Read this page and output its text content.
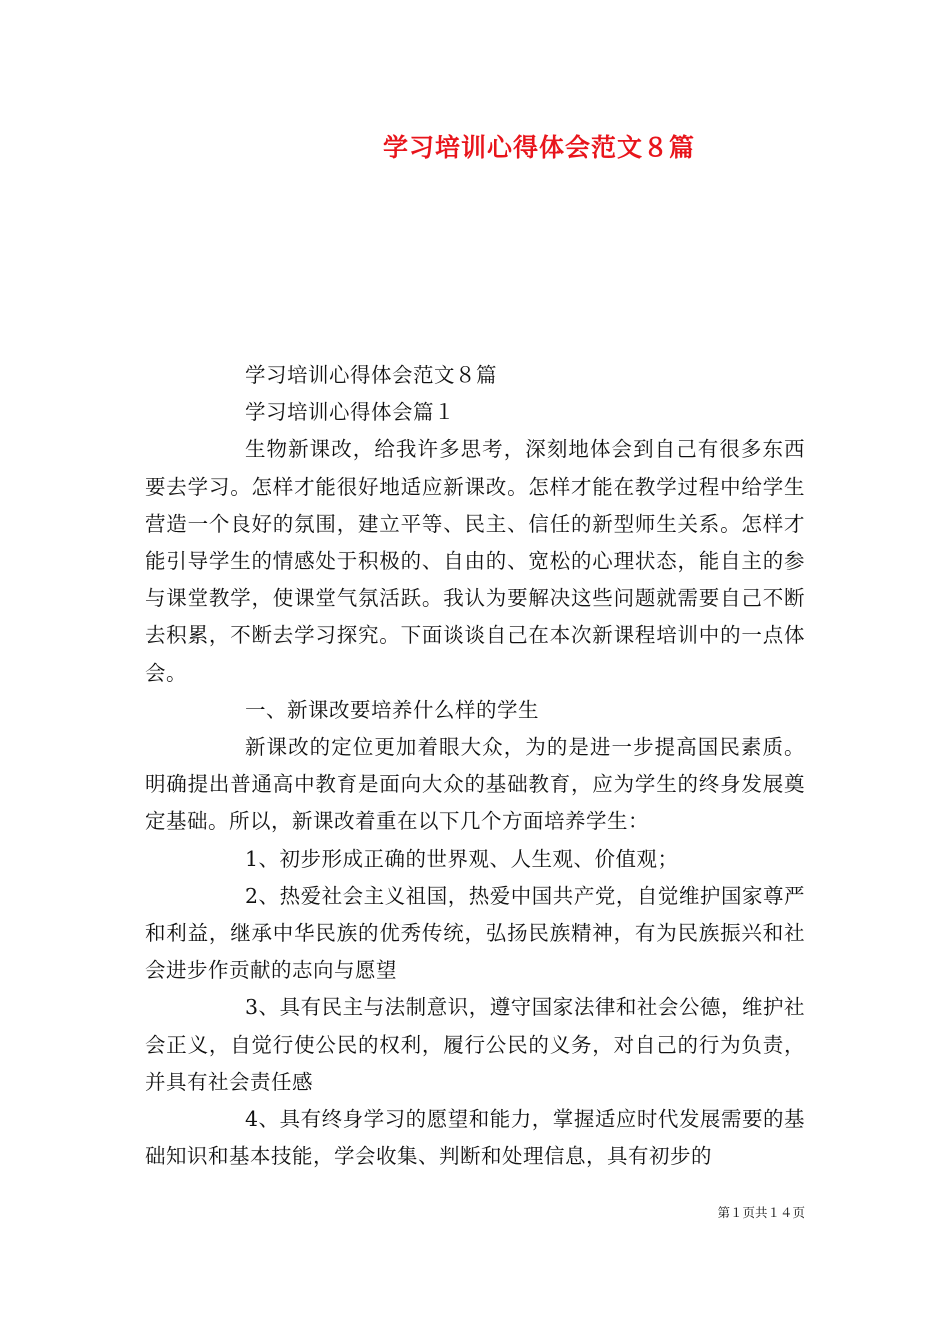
学习培训心得体会范文８篇

学习培训心得体会范文８篇

学习培训心得体会篇１

生物新课改，给我许多思考，深刻地体会到自己有很多东西要去学习。怎样才能很好地适应新课改。怎样才能在教学过程中给学生营造一个良好的氛围，建立平等、民主、信任的新型师生关系。怎样才能引导学生的情感处于积极的、自由的、宽松的心理状态，能自主的参与课堂教学，使课堂气氛活跃。我认为要解决这些问题就需要自己不断去积累，不断去学习探究。下面谈谈自己在本次新课程培训中的一点体会。

一、新课改要培养什么样的学生

新课改的定位更加着眼大众，为的是进一步提高国民素质。明确提出普通高中教育是面向大众的基础教育，应为学生的终身发展奠定基础。所以，新课改着重在以下几个方面培养学生：

1、初步形成正确的世界观、人生观、价值观；

2、热爱社会主义祖国，热爱中国共产党，自觉维护国家尊严和利益，继承中华民族的优秀传统，弘扬民族精神，有为民族振兴和社会进步作贡献的志向与愿望

3、具有民主与法制意识，遵守国家法律和社会公德，维护社会正义，自觉行使公民的权利，履行公民的义务，对自己的行为负责，并具有社会责任感

4、具有终身学习的愿望和能力，掌握适应时代发展需要的基础知识和基本技能，学会收集、判断和处理信息，具有初步的

第１页共１４页
